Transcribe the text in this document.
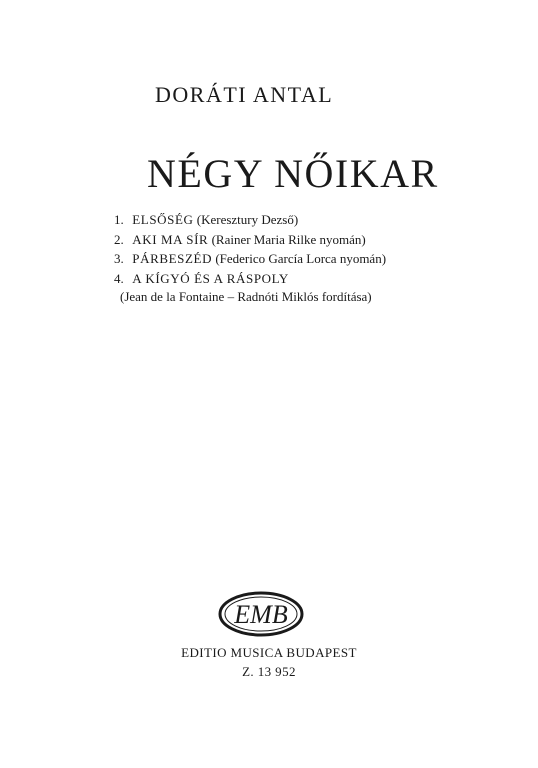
DORÁTI ANTAL
NÉGY NŐIKAR
1. ELSŐSÉG (Keresztury Dezső)
2. AKI MA SÍR (Rainer Maria Rilke nyomán)
3. PÁRBESZÉD (Federico García Lorca nyomán)
4. A KÍGYÓ ÉS A RÁSPOLY
(Jean de la Fontaine – Radnóti Miklós fordítása)
EMB
EDITIO MUSICA BUDAPEST
Z. 13 952
